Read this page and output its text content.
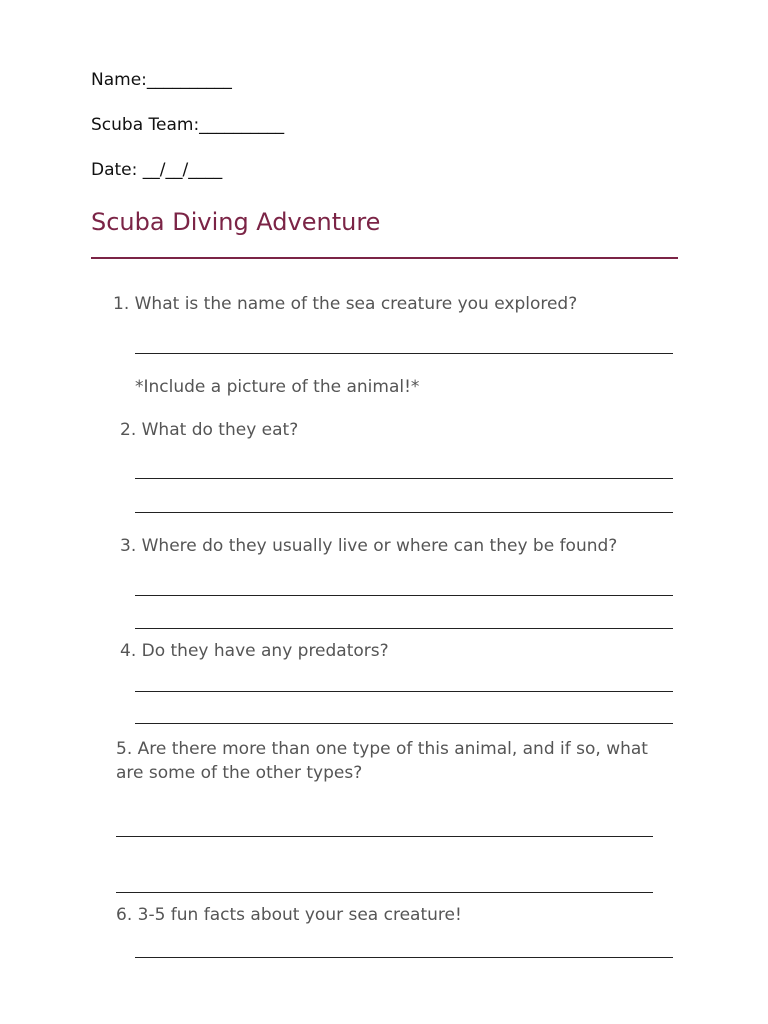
Name:__________
Scuba Team:__________
Date: __/__/____
Scuba Diving Adventure
1. What is the name of the sea creature you explored?
*Include a picture of the animal!*
2. What do they eat?
3. Where do they usually live or where can they be found?
4. Do they have any predators?
5. Are there more than one type of this animal, and if so, what are some of the other types?
6. 3-5 fun facts about your sea creature!
